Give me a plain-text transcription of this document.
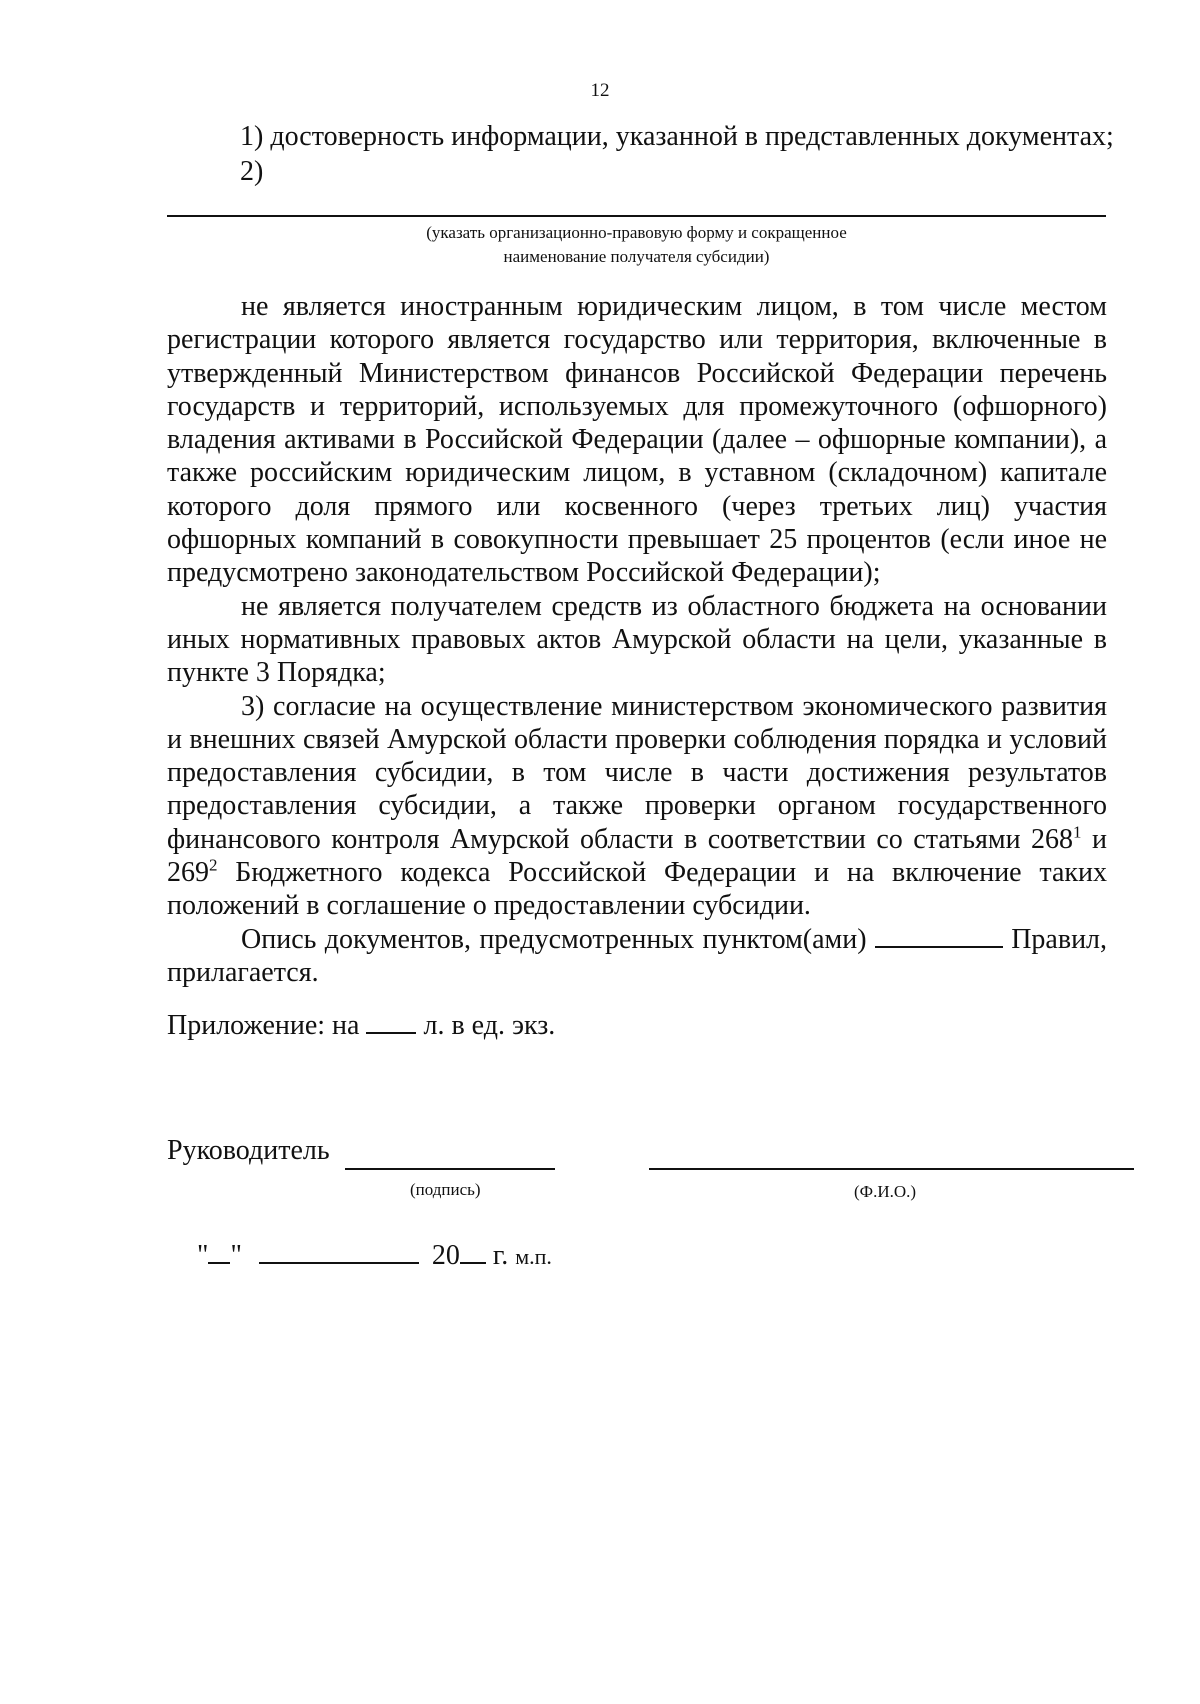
12
1) достоверность информации, указанной в представленных документах;
2)
(указать организационно-правовую форму и сокращенное
наименование получателя субсидии)

не является иностранным юридическим лицом, в том числе местом регистрации которого является государство или территория, включенные в утвержденный Министерством финансов Российской Федерации перечень государств и территорий, используемых для промежуточного (офшорного) владения активами в Российской Федерации (далее – офшорные компании), а также российским юридическим лицом, в уставном (складочном) капитале которого доля прямого или косвенного (через третьих лиц) участия офшорных компаний в совокупности превышает 25 процентов (если иное не предусмотрено законодательством Российской Федерации);

не является получателем средств из областного бюджета на основании иных нормативных правовых актов Амурской области на цели, указанные в пункте 3 Порядка;

3) согласие на осуществление министерством экономического развития и внешних связей Амурской области проверки соблюдения порядка и условий предоставления субсидии, в том числе в части достижения результатов предоставления субсидии, а также проверки органом государственного финансового контроля Амурской области в соответствии со статьями $268^1$ и $269^2$ Бюджетного кодекса Российской Федерации и на включение таких положений в соглашение о предоставлении субсидии.

Опись документов, предусмотренных пунктом(ами)	Правил, прилагается.

Приложение: на л. в ед. экз.
Руководитель
(подпись)	(Ф.И.О.)
" "	20 г. м.п.
